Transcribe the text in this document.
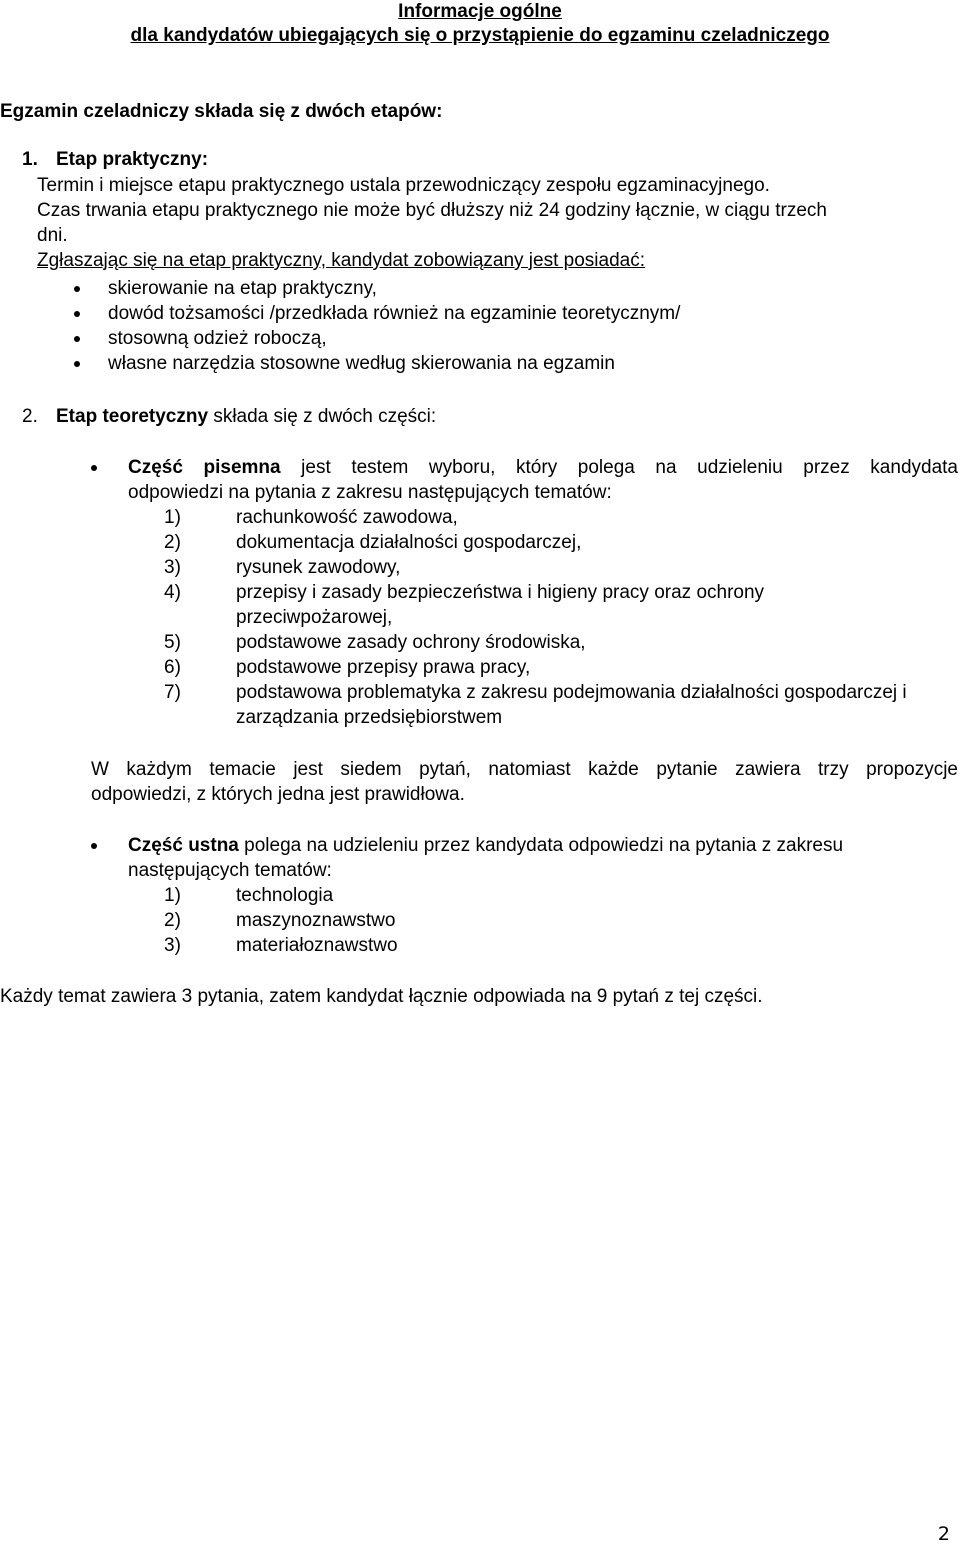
Informacje ogólne
dla kandydatów ubiegających się o przystąpienie do egzaminu czeladniczego
Egzamin czeladniczy składa się z dwóch etapów:
1. Etap praktyczny:

Termin i miejsce etapu praktycznego ustala przewodniczący zespołu egzaminacyjnego.

Czas trwania etapu praktycznego nie może być dłuższy niż 24 godziny łącznie, w ciągu trzech

dni.

Zgłaszając się na etap praktyczny, kandydat zobowiązany jest posiadać:

skierowanie na etap praktyczny,
dowód tożsamości /przedkłada również na egzaminie teoretycznym/
stosowną odzież roboczą,
własne narzędzia stosowne według skierowania na egzamin
2. Etap teoretyczny składa się z dwóch części:

Część pisemna jest testem wyboru, który polega na udzieleniu przez kandydata

odpowiedzi na pytania z zakresu następujących tematów:

1)	rachunkowość zawodowa,
2)	dokumentacja działalności gospodarczej,
3)	rysunek zawodowy,
4)	przepisy i zasady bezpieczeństwa i higieny pracy oraz ochrony przeciwpożarowej,
5)	podstawowe zasady ochrony środowiska,
6)	podstawowe przepisy prawa pracy,
7)	podstawowa problematyka z zakresu podejmowania działalności gospodarczej i zarządzania przedsiębiorstwem

W każdym temacie jest siedem pytań, natomiast każde pytanie zawiera trzy propozycje

odpowiedzi, z których jedna jest prawidłowa.

Część ustna polega na udzieleniu przez kandydata odpowiedzi na pytania z zakresu następujących tematów:

1)	technologia
2)	maszynoznawstwo
3)	materiałoznawstwo
Każdy temat zawiera 3 pytania, zatem kandydat łącznie odpowiada na 9 pytań z tej części.
2
